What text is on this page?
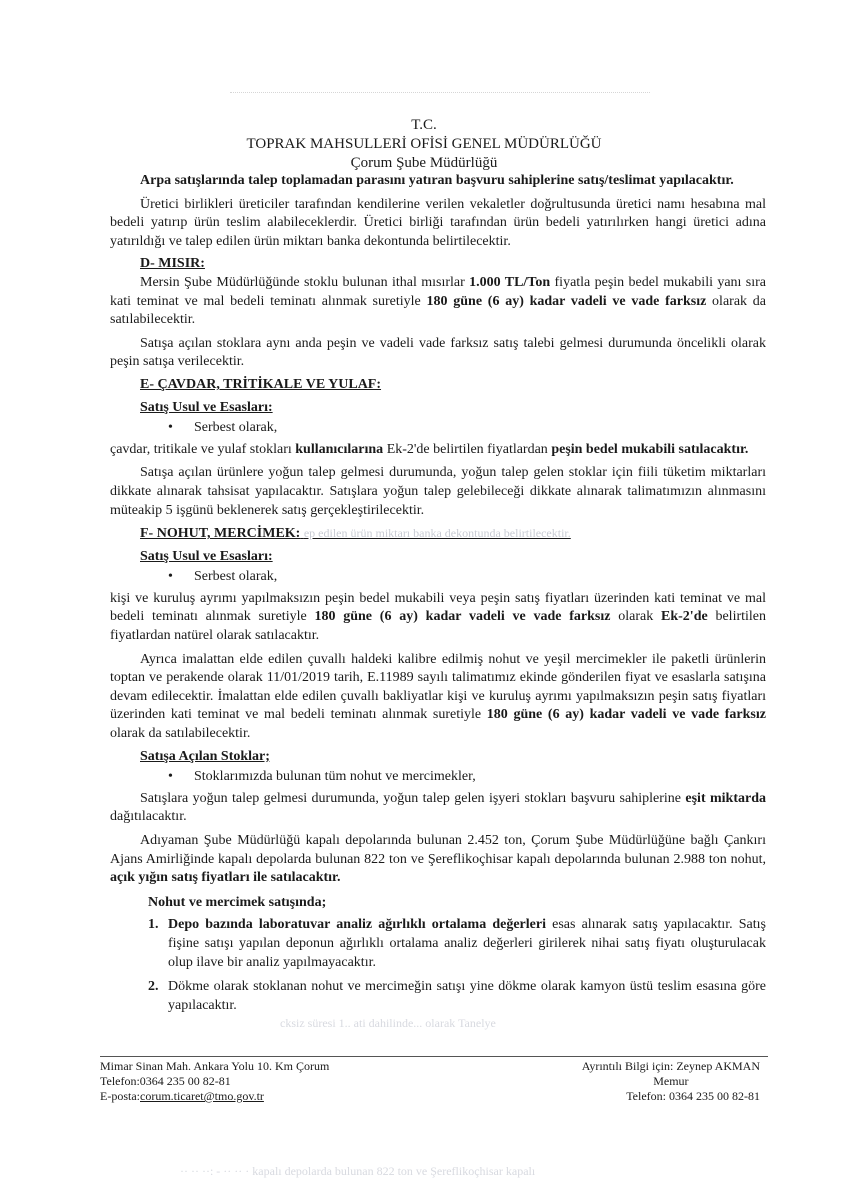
T.C.
TOPRAK MAHSULLERİ OFİSİ GENEL MÜDÜRLÜĞÜ
Çorum Şube Müdürlüğü

Arpa satışlarında talep toplamadan parasını yatıran başvuru sahiplerine satış/teslimat yapılacaktır.

Üretici birlikleri üreticiler tarafından kendilerine verilen vekaletler doğrultusunda üretici namı hesabına mal bedeli yatırıp ürün teslim alabileceklerdir. Üretici birliği tarafından ürün bedeli yatırılırken hangi üretici adına yatırıldığı ve talep edilen ürün miktarı banka dekontunda belirtilecektir.

D- MISIR:

Mersin Şube Müdürlüğünde stoklu bulunan ithal mısırlar 1.000 TL/Ton fiyatla peşin bedel mukabili yanı sıra kati teminat ve mal bedeli teminatı alınmak suretiyle 180 güne (6 ay) kadar vadeli ve vade farksız olarak da satılabilecektir.

Satışa açılan stoklara aynı anda peşin ve vadeli vade farksız satış talebi gelmesi durumunda öncelikli olarak peşin satışa verilecektir.

E- ÇAVDAR, TRİTİKALE VE YULAF:
Satış Usul ve Esasları:
• Serbest olarak,

çavdar, tritikale ve yulaf stokları kullanıcılarına Ek-2'de belirtilen fiyatlardan peşin bedel mukabili satılacaktır.

Satışa açılan ürünlere yoğun talep gelmesi durumunda, yoğun talep gelen stoklar için fiili tüketim miktarları dikkate alınarak tahsisat yapılacaktır. Satışlara yoğun talep gelebileceği dikkate alınarak talimatımızın alınmasını müteakip 5 işgünü beklenerek satış gerçekleştirilecektir.

F- NOHUT, MERCİMEK: ep edilen ürün miktarı banka dekontunda belirtilecektir.
Satış Usul ve Esasları:
• Serbest olarak,

kişi ve kuruluş ayrımı yapılmaksızın peşin bedel mukabili veya peşin satış fiyatları üzerinden kati teminat ve mal bedeli teminatı alınmak suretiyle 180 güne (6 ay) kadar vadeli ve vade farksız olarak Ek-2'de belirtilen fiyatlardan natürel olarak satılacaktır.

Ayrıca imalattan elde edilen çuvallı haldeki kalibre edilmiş nohut ve yeşil mercimekler ile paketli ürünlerin toptan ve perakende olarak 11/01/2019 tarih, E.11989 sayılı talimatımız ekinde gönderilen fiyat ve esaslarla satışına devam edilecektir. İmalattan elde edilen çuvallı bakliyatlar kişi ve kuruluş ayrımı yapılmaksızın peşin satış fiyatları üzerinden kati teminat ve mal bedeli teminatı alınmak suretiyle 180 güne (6 ay) kadar vadeli ve vade farksız olarak da satılabilecektir.

Satışa Açılan Stoklar;
• Stoklarımızda bulunan tüm nohut ve mercimekler,

Satışlara yoğun talep gelmesi durumunda, yoğun talep gelen işyeri stokları başvuru sahiplerine eşit miktarda dağıtılacaktır.

Adıyaman Şube Müdürlüğü kapalı depolarında bulunan 2.452 ton, Çorum Şube Müdürlüğüne bağlı Çankırı Ajans Amirliğinde kapalı depolarda bulunan 822 ton ve Şereflikoçhisar kapalı depolarında bulunan 2.988 ton nohut, açık yığın satış fiyatları ile satılacaktır.

Nohut ve mercimek satışında;
1. Depo bazında laboratuvar analiz ağırlıklı ortalama değerleri esas alınarak satış yapılacaktır. Satış fişine satışı yapılan deponun ağırlıklı ortalama analiz değerleri girilerek nihai satış fiyatı oluşturulacak olup ilave bir analiz yapılmayacaktır.
2. Dökme olarak stoklanan nohut ve mercimeğin satışı yine dökme olarak kamyon üstü teslim esasına göre yapılacaktır.
cksiz süresi 1.. ati dahilinde... olarak Tanelye
Mimar Sinan Mah. Ankara Yolu 10. Km Çorum
Telefon:0364 235 00 82-81
E-posta:corum.ticaret@tmo.gov.tr
Ayrıntılı Bilgi için: Zeynep AKMAN
Memur
Telefon: 0364 235 00 82-81
·· ·· ··: - ·· ·· · kapalı depolarda bulunan 822 ton ve Şereflikoçhisar kapalı
